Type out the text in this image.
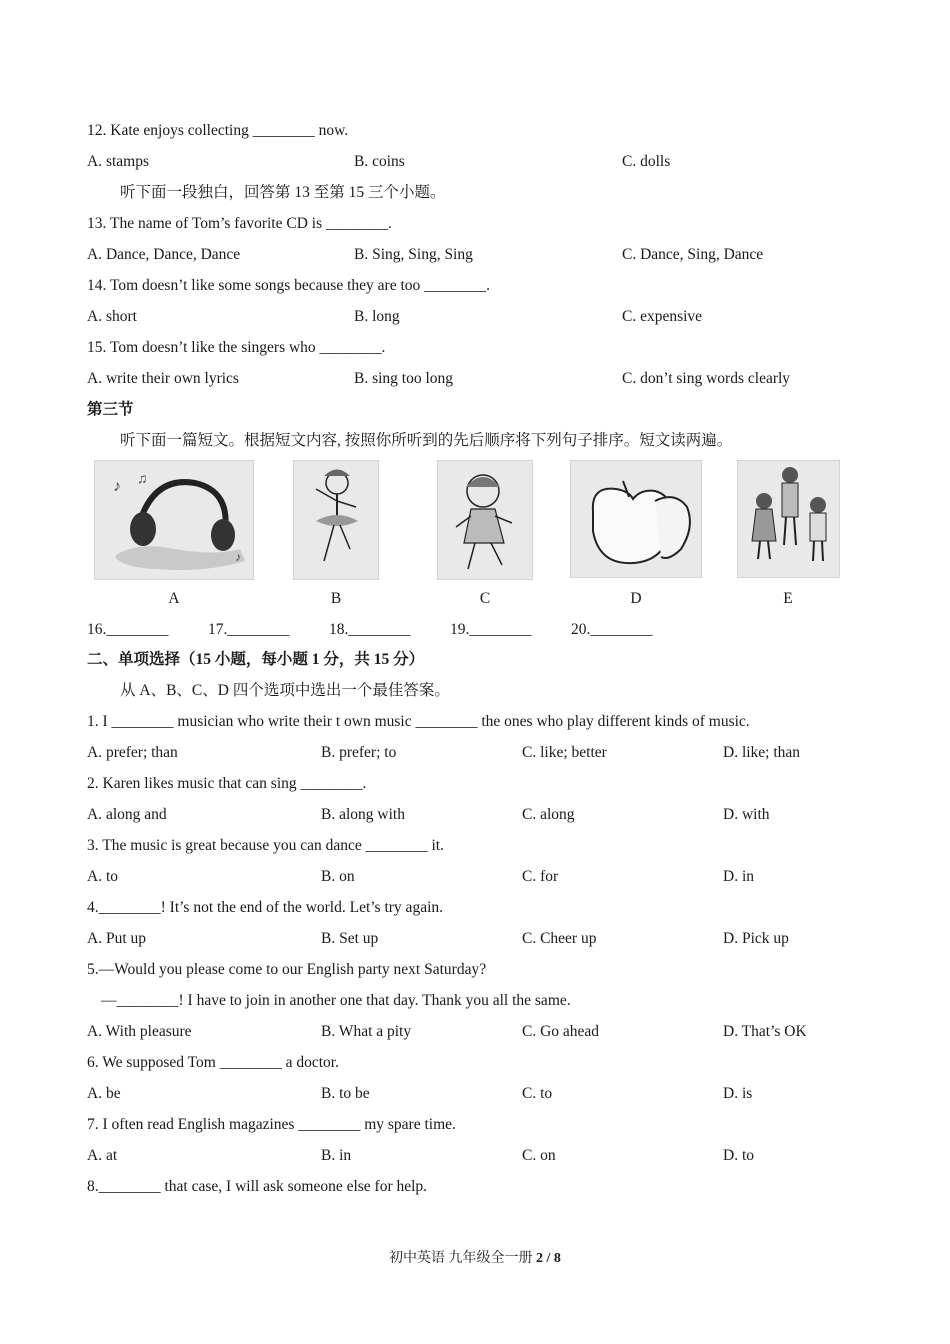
12. Kate enjoys collecting ________ now.
A. stamps	B. coins	C. dolls
听下面一段独白，回答第 13 至第 15 三个小题。
13. The name of Tom’s favorite CD is ________.
A. Dance, Dance, Dance	B. Sing, Sing, Sing	C. Dance, Sing, Dance
14. Tom doesn’t like some songs because they are too ________.
A. short	B. long	C. expensive
15. Tom doesn’t like the singers who ________.
A. write their own lyrics	B. sing too long	C. don’t sing words clearly
第三节
听下面一篇短文。根据短文内容, 按照你所听到的先后顺序将下列句子排序。短文读两遍。
♪ ♫
♪
A	B	C	D	E
16.________	17.________	18.________	19.________	20.________
二、单项选择（15 小题，每小题 1 分，共 15 分）
从 A、B、C、D 四个选项中选出一个最佳答案。
1. I ________ musician who write their t own music ________ the ones who play different kinds of music.
A. prefer; than	B. prefer; to	C. like; better	D. like; than
2. Karen likes music that can sing ________.
A. along and	B. along with	C. along	D. with
3. The music is great because you can dance ________ it.
A. to	B. on	C. for	D. in
4.________! It’s not the end of the world. Let’s try again.
A. Put up	B. Set up	C. Cheer up	D. Pick up
5.—Would you please come to our English party next Saturday?
—________! I have to join in another one that day. Thank you all the same.
A. With pleasure	B. What a pity	C. Go ahead	D. That’s OK
6. We supposed Tom ________ a doctor.
A. be	B. to be	C. to	D. is
7. I often read English magazines ________ my spare time.
A. at	B. in	C. on	D. to
8.________ that case, I will ask someone else for help.
初中英语 九年级全一册 2 / 8
